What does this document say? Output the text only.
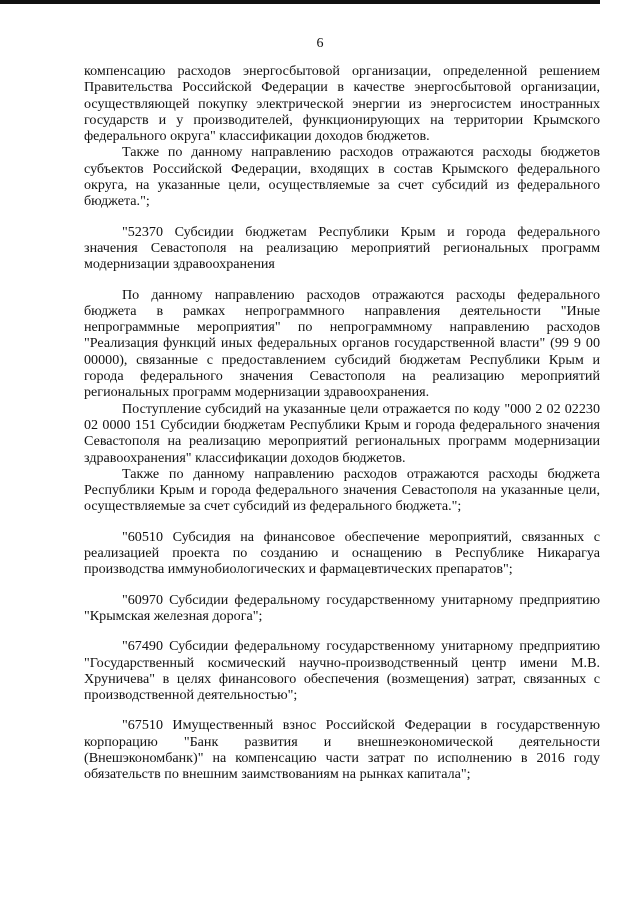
6

компенсацию расходов энергосбытовой организации, определенной решением Правительства Российской Федерации в качестве энергосбытовой организации, осуществляющей покупку электрической энергии из энергосистем иностранных государств и у производителей, функционирующих на территории Крымского федерального округа" классификации доходов бюджетов.

Также по данному направлению расходов отражаются расходы бюджетов субъектов Российской Федерации, входящих в состав Крымского федерального округа, на указанные цели, осуществляемые за счет субсидий из федерального бюджета.";

"52370 Субсидии бюджетам Республики Крым и города федерального значения Севастополя на реализацию мероприятий региональных программ модернизации здравоохранения

По данному направлению расходов отражаются расходы федерального бюджета в рамках непрограммного направления деятельности "Иные непрограммные мероприятия" по непрограммному направлению расходов "Реализация функций иных федеральных органов государственной власти" (99 9 00 00000), связанные с предоставлением субсидий бюджетам Республики Крым и города федерального значения Севастополя на реализацию мероприятий региональных программ модернизации здравоохранения.

Поступление субсидий на указанные цели отражается по коду "000 2 02 02230 02 0000 151 Субсидии бюджетам Республики Крым и города федерального значения Севастополя на реализацию мероприятий региональных программ модернизации здравоохранения" классификации доходов бюджетов.

Также по данному направлению расходов отражаются расходы бюджета Республики Крым и города федерального значения Севастополя на указанные цели, осуществляемые за счет субсидий из федерального бюджета.";

"60510 Субсидия на финансовое обеспечение мероприятий, связанных с реализацией проекта по созданию и оснащению в Республике Никарагуа производства иммунобиологических и фармацевтических препаратов";

"60970 Субсидии федеральному государственному унитарному предприятию "Крымская железная дорога";

"67490 Субсидии федеральному государственному унитарному предприятию "Государственный космический научно-производственный центр имени М.В. Хруничева" в целях финансового обеспечения (возмещения) затрат, связанных с производственной деятельностью";

"67510 Имущественный взнос Российской Федерации в государственную корпорацию "Банк развития и внешнеэкономической деятельности (Внешэкономбанк)" на компенсацию части затрат по исполнению в 2016 году обязательств по внешним заимствованиям на рынках капитала";
